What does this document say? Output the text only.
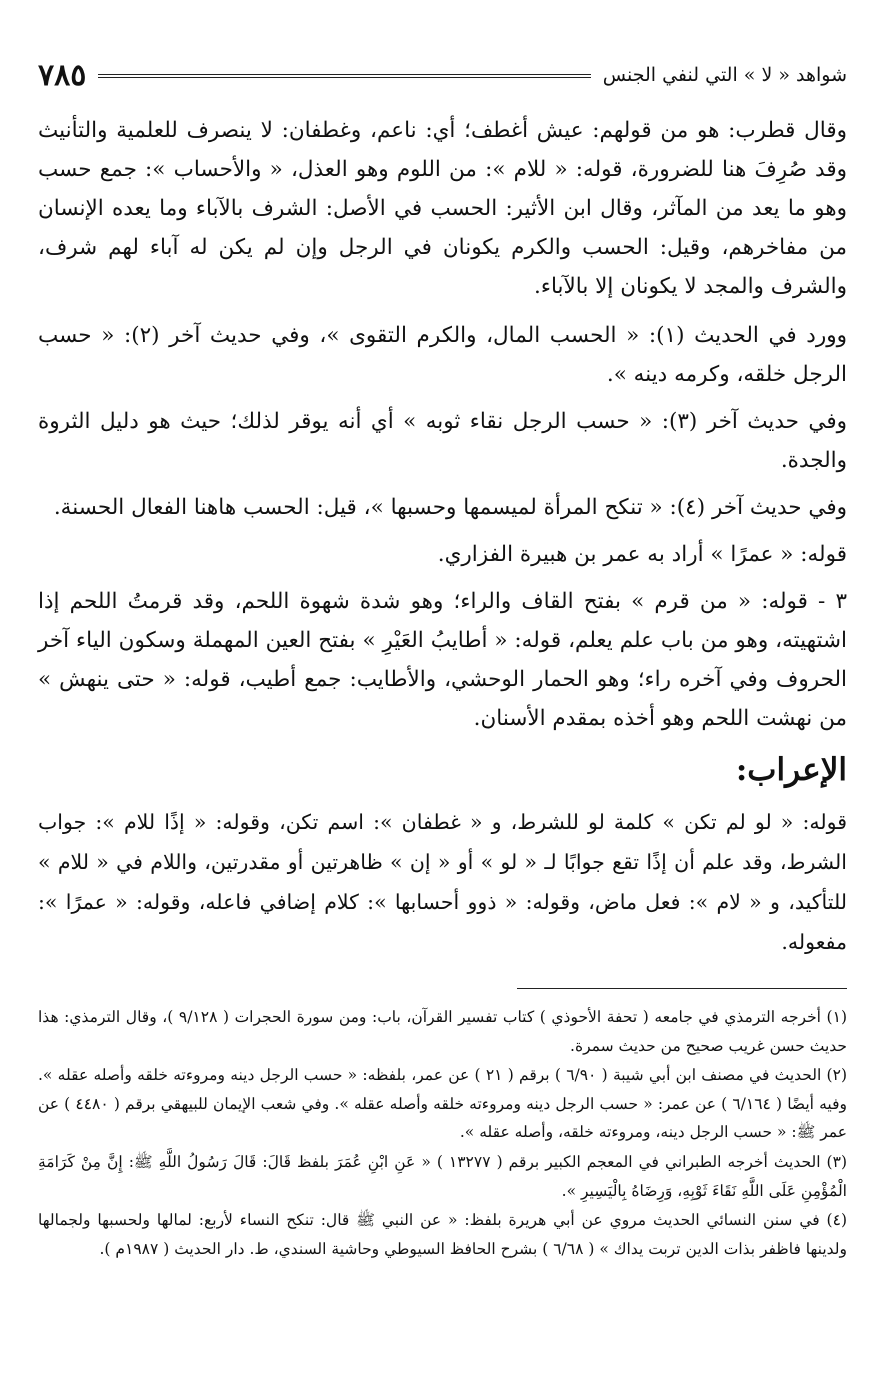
شواهد « لا » التي لنفي الجنس
٧٨٥

وقال قطرب: هو من قولهم: عيش أغطف؛ أي: ناعم، وغطفان: لا ينصرف للعلمية والتأنيث وقد صُرِفَ هنا للضرورة، قوله: « للام »: من اللوم وهو العذل، « والأحساب »: جمع حسب وهو ما يعد من المآثر، وقال ابن الأثير: الحسب في الأصل: الشرف بالآباء وما يعده الإنسان من مفاخرهم، وقيل: الحسب والكرم يكونان في الرجل وإن لم يكن له آباء لهم شرف، والشرف والمجد لا يكونان إلا بالآباء.

وورد في الحديث (١): « الحسب المال، والكرم التقوى »، وفي حديث آخر (٢): « حسب الرجل خلقه، وكرمه دينه ».

وفي حديث آخر (٣): « حسب الرجل نقاء ثوبه » أي أنه يوقر لذلك؛ حيث هو دليل الثروة والجدة.

وفي حديث آخر (٤): « تنكح المرأة لميسمها وحسبها »، قيل: الحسب هاهنا الفعال الحسنة.

قوله: « عمرًا » أراد به عمر بن هبيرة الفزاري.

٣ - قوله: « من قرم » بفتح القاف والراء؛ وهو شدة شهوة اللحم، وقد قرمتُ اللحم إذا اشتهيته، وهو من باب علم يعلم، قوله: « أطايبُ العَيْرِ » بفتح العين المهملة وسكون الياء آخر الحروف وفي آخره راء؛ وهو الحمار الوحشي، والأطايب: جمع أطيب، قوله: « حتى ينهش » من نهشت اللحم وهو أخذه بمقدم الأسنان.

الإعراب:

قوله: « لو لم تكن » كلمة لو للشرط، و « غطفان »: اسم تكن، وقوله: « إذًا للام »: جواب الشرط، وقد علم أن إذًا تقع جوابًا لـ « لو » أو « إن » ظاهرتين أو مقدرتين، واللام في « للام » للتأكيد، و « لام »: فعل ماض، وقوله: « ذوو أحسابها »: كلام إضافي فاعله، وقوله: « عمرًا »: مفعوله.

(١) أخرجه الترمذي في جامعه ( تحفة الأحوذي ) كتاب تفسير القرآن، باب: ومن سورة الحجرات ( ٩/١٢٨ )، وقال الترمذي: هذا حديث حسن غريب صحيح من حديث سمرة.

(٢) الحديث في مصنف ابن أبي شيبة ( ٦/٩٠ ) برقم ( ٢١ ) عن عمر، بلفظه: « حسب الرجل دينه ومروءته خلقه وأصله عقله ». وفيه أيضًا ( ٦/١٦٤ ) عن عمر: « حسب الرجل دينه ومروءته خلقه وأصله عقله ». وفي شعب الإيمان للبيهقي برقم ( ٤٤٨٠ ) عن عمر ﷺ: « حسب الرجل دينه، ومروءته خلقه، وأصله عقله ».

(٣) الحديث أخرجه الطبراني في المعجم الكبير برقم ( ١٣٢٧٧ ) « عَنِ ابْنِ عُمَرَ بلفظ قَالَ: قَالَ رَسُولُ اللَّهِ ﷺ: إِنَّ مِنْ كَرَامَةِ الْمُؤْمِنِ عَلَى اللَّهِ نَقَاءَ ثَوْبِهِ، وَرِضَاهُ بِالْيَسِيرِ ».

(٤) في سنن النسائي الحديث مروي عن أبي هريرة بلفظ: « عن النبي ﷺ قال: تنكح النساء لأربع: لمالها ولحسبها ولجمالها ولدينها فاظفر بذات الدين تربت يداك » ( ٦/٦٨ ) بشرح الحافظ السيوطي وحاشية السندي، ط. دار الحديث ( ١٩٨٧م ).
